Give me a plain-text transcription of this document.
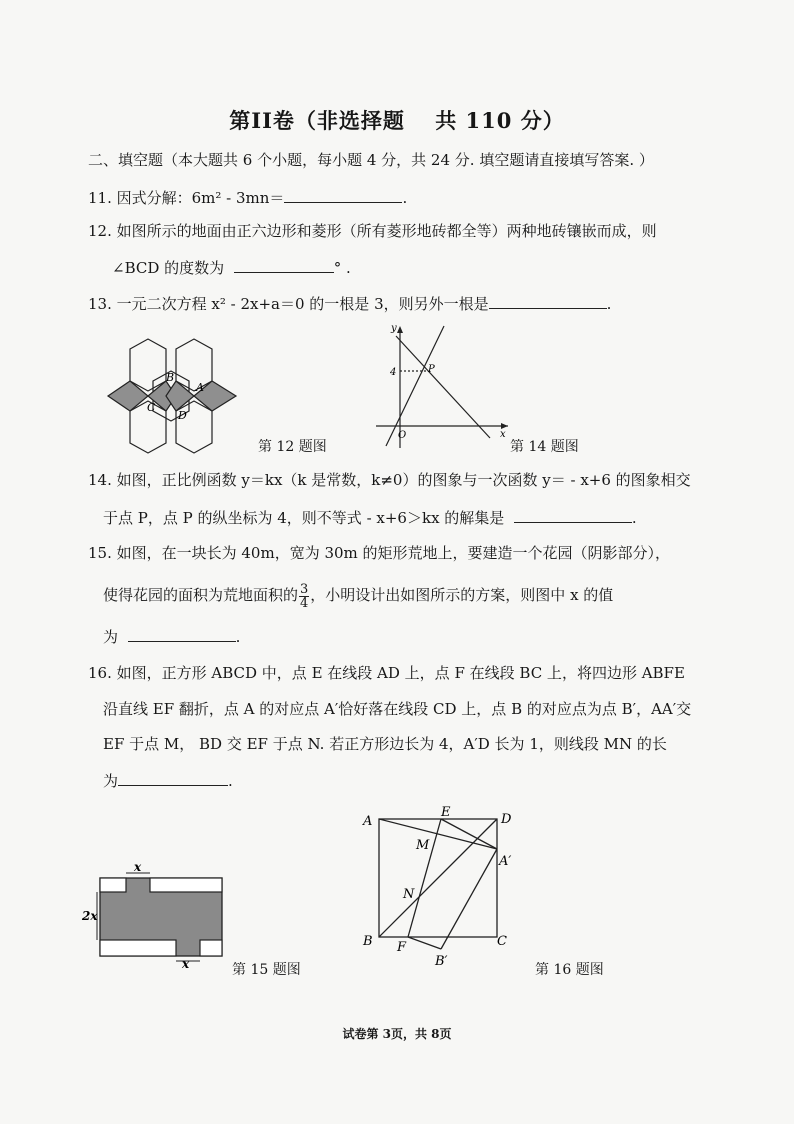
第II卷（非选择题　 共 110 分）
二、填空题（本大题共 6 个小题，每小题 4 分，共 24 分. 填空题请直接填写答案. ）
11. 因式分解：6m² - 3mn＝	.
12. 如图所示的地面由正六边形和菱形（所有菱形地砖都全等）两种地砖镶嵌而成，则
∠BCD 的度数为	° .
13. 一元二次方程 x² - 2x+a＝0 的一根是 3，则另外一根是	.
B
A
C
D
第 12 题图
y
4	P
O	x
第 14 题图
14. 如图，正比例函数 y＝kx（k 是常数，k≠0）的图象与一次函数 y＝ - x+6 的图象相交
于点 P，点 P 的纵坐标为 4，则不等式 - x+6＞kx 的解集是	.
15. 如图，在一块长为 40m，宽为 30m 的矩形荒地上，要建造一个花园（阴影部分），
使得花园的面积为荒地面积的 $\frac{3}{4}$ ，小明设计出如图所示的方案，则图中 x 的值
为	.
16. 如图，正方形 ABCD 中，点 E 在线段 AD 上，点 F 在线段 BC 上，将四边形 ABFE
沿直线 EF 翻折，点 A 的对应点 A′恰好落在线段 CD 上，点 B 的对应点为点 B′，AA′交
EF 于点 M， BD 交 EF 于点 N. 若正方形边长为 4，A′D 长为 1，则线段 MN 的长
为	.
x
2x
x	第 15 题图
A
E	D
M
A′
N
B F	C
B′
第 16 题图
试卷第 3页，共 8页
